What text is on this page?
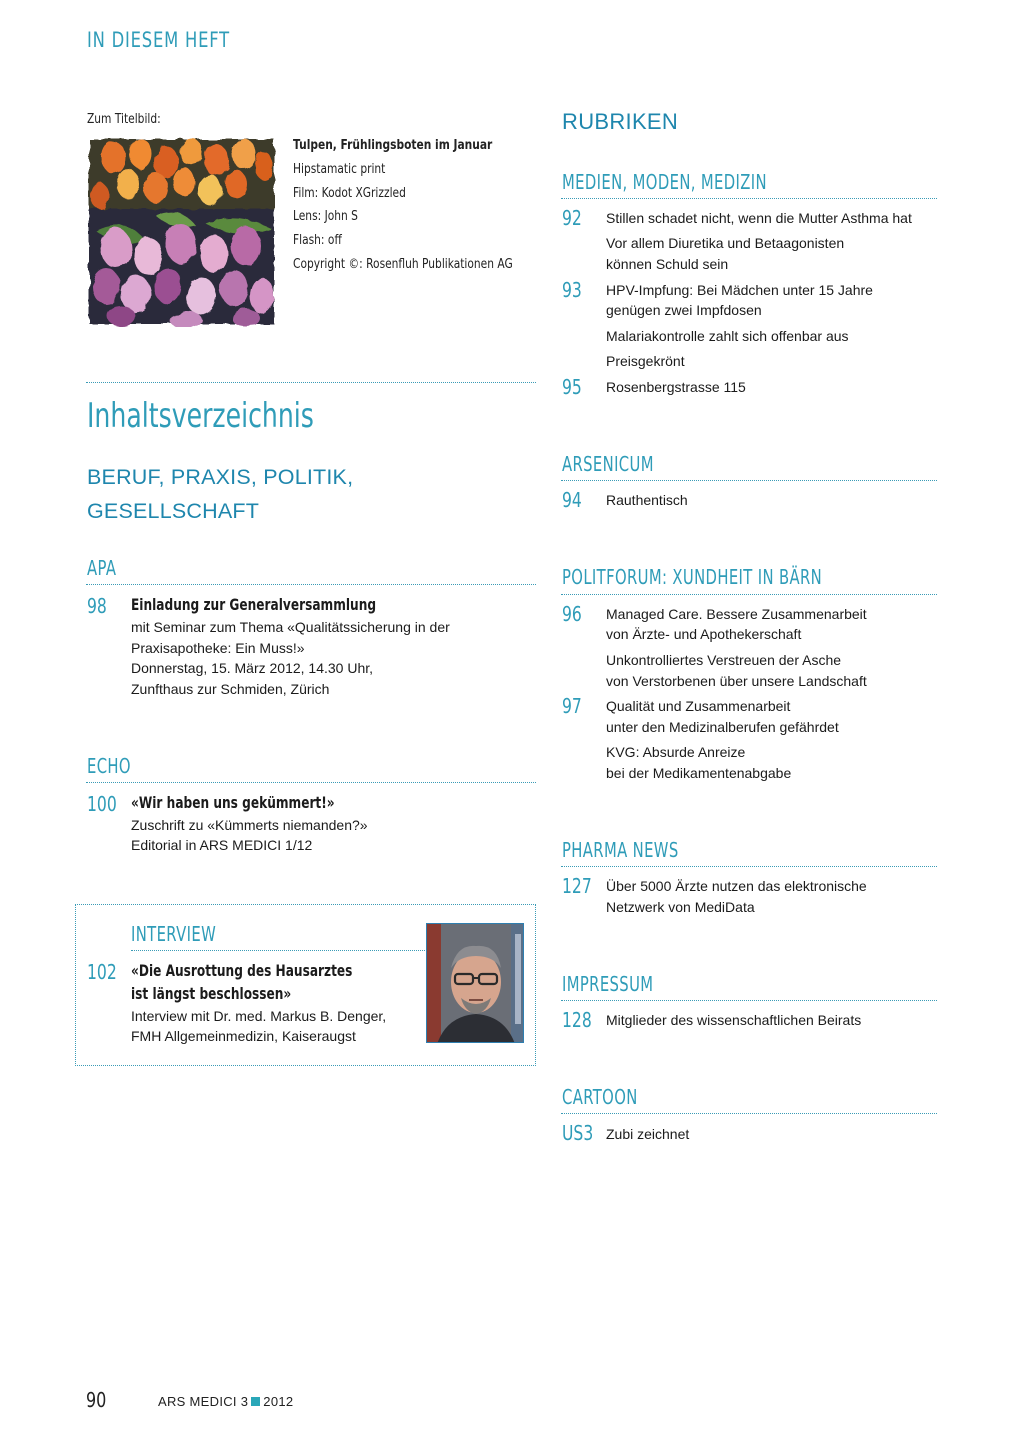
IN DIESEM HEFT
Zum Titelbild:
Tulpen, Frühlingsboten im Januar
Hipstamatic print
Film: Kodot XGrizzled
Lens: John S
Flash: off
Copyright ©: Rosenfluh Publikationen AG
Inhaltsverzeichnis
BERUF, PRAXIS, POLITIK,
GESELLSCHAFT
APA
98 Einladung zur Generalversammlung
mit Seminar zum Thema «Qualitätssicherung in der
Praxisapotheke: Ein Muss!»
Donnerstag, 15. März 2012, 14.30 Uhr,
Zunfthaus zur Schmiden, Zürich
ECHO
100 «Wir haben uns gekümmert!»
Zuschrift zu «Kümmerts niemanden?»
Editorial in ARS MEDICI 1/12
INTERVIEW
102 «Die Ausrottung des Hausarztes
ist längst beschlossen»
Interview mit Dr. med. Markus B. Denger,
FMH Allgemeinmedizin, Kaiseraugst
RUBRIKEN
MEDIEN, MODEN, MEDIZIN
92 Stillen schadet nicht, wenn die Mutter Asthma hat
Vor allem Diuretika und Betaagonisten
können Schuld sein
93 HPV-Impfung: Bei Mädchen unter 15 Jahre
genügen zwei Impfdosen
Malariakontrolle zahlt sich offenbar aus
Preisgekrönt
95 Rosenbergstrasse 115
ARSENICUM
94 Rauthentisch
POLITFORUM: XUNDHEIT IN BÄRN
96 Managed Care. Bessere Zusammenarbeit
von Ärzte- und Apothekerschaft
Unkontrolliertes Verstreuen der Asche
von Verstorbenen über unsere Landschaft
97 Qualität und Zusammenarbeit
unter den Medizinalberufen gefährdet
KVG: Absurde Anreize
bei der Medikamentenabgabe
PHARMA NEWS
127 Über 5000 Ärzte nutzen das elektronische
Netzwerk von MediData
IMPRESSUM
128 Mitglieder des wissenschaftlichen Beirats
CARTOON
US3 Zubi zeichnet
90	ARS MEDICI 3 2012
